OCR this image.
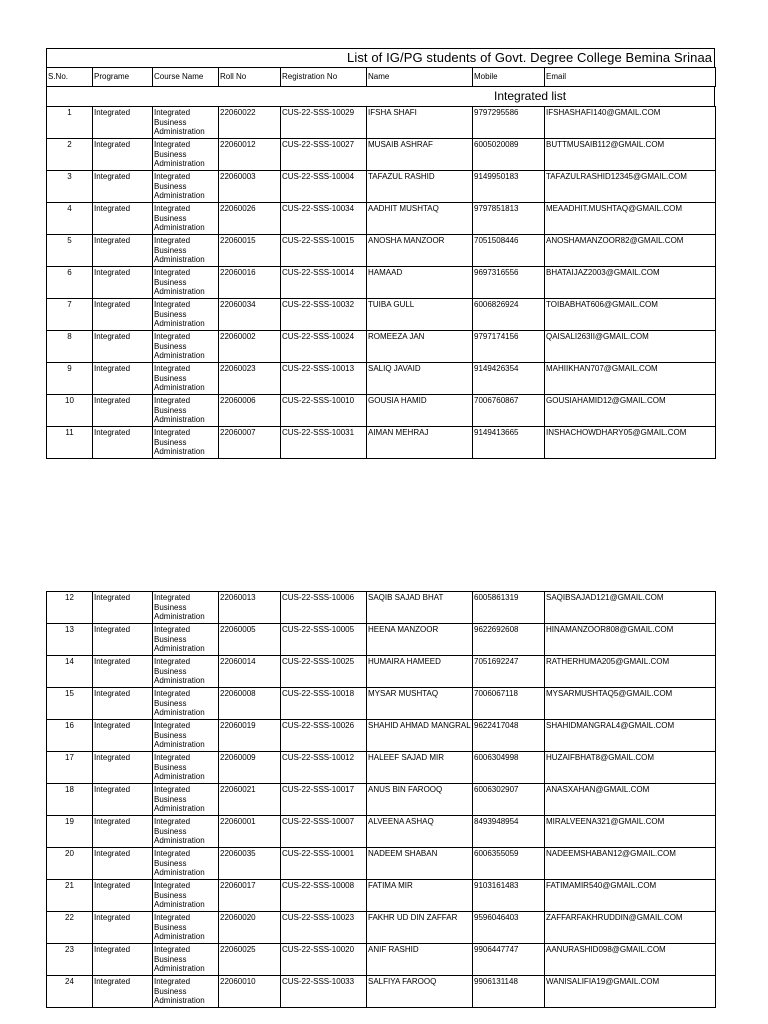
List of IG/PG students of Govt. Degree College Bemina Srinaa
S.No.	Programe	Course Name	Roll No	Registration No	Name	Mobile	Email
Integrated list
1	Integrated	Integrated Business Administration	22060022	CUS-22-SSS-10029	IFSHA SHAFI	9797295586	IFSHASHAFI140@GMAIL.COM
2	Integrated	Integrated Business Administration	22060012	CUS-22-SSS-10027	MUSAIB ASHRAF	6005020089	BUTTMUSAIB112@GMAIL.COM
3	Integrated	Integrated Business Administration	22060003	CUS-22-SSS-10004	TAFAZUL RASHID	9149950183	TAFAZULRASHID12345@GMAIL.COM
4	Integrated	Integrated Business Administration	22060026	CUS-22-SSS-10034	AADHIT MUSHTAQ	9797851813	MEAADHIT.MUSHTAQ@GMAIL.COM
5	Integrated	Integrated Business Administration	22060015	CUS-22-SSS-10015	ANOSHA MANZOOR	7051508446	ANOSHAMANZOOR82@GMAIL.COM
6	Integrated	Integrated Business Administration	22060016	CUS-22-SSS-10014	HAMAAD	9697316556	BHATAIJAZ2003@GMAIL.COM
7	Integrated	Integrated Business Administration	22060034	CUS-22-SSS-10032	TUIBA GULL	6006826924	TOIBABHAT606@GMAIL.COM
8	Integrated	Integrated Business Administration	22060002	CUS-22-SSS-10024	ROMEEZA JAN	9797174156	QAISALI263II@GMAIL.COM
9	Integrated	Integrated Business Administration	22060023	CUS-22-SSS-10013	SALIQ JAVAID	9149426354	MAHIIKHAN707@GMAIL.COM
10	Integrated	Integrated Business Administration	22060006	CUS-22-SSS-10010	GOUSIA HAMID	7006760867	GOUSIAHAMID12@GMAIL.COM
11	Integrated	Integrated Business Administration	22060007	CUS-22-SSS-10031	AIMAN MEHRAJ	9149413665	INSHACHOWDHARY05@GMAIL.COM
12	Integrated	Integrated Business Administration	22060013	CUS-22-SSS-10006	SAQIB SAJAD BHAT	6005861319	SAQIBSAJAD121@GMAIL.COM
13	Integrated	Integrated Business Administration	22060005	CUS-22-SSS-10005	HEENA MANZOOR	9622692608	HINAMANZOOR808@GMAIL.COM
14	Integrated	Integrated Business Administration	22060014	CUS-22-SSS-10025	HUMAIRA HAMEED	7051692247	RATHERHUMA205@GMAIL.COM
15	Integrated	Integrated Business Administration	22060008	CUS-22-SSS-10018	MYSAR MUSHTAQ	7006067118	MYSARMUSHTAQ5@GMAIL.COM
16	Integrated	Integrated Business Administration	22060019	CUS-22-SSS-10026	SHAHID AHMAD MANGRAL	9622417048	SHAHIDMANGRAL4@GMAIL.COM
17	Integrated	Integrated Business Administration	22060009	CUS-22-SSS-10012	HALEEF SAJAD MIR	6006304998	HUZAIFBHAT8@GMAIL.COM
18	Integrated	Integrated Business Administration	22060021	CUS-22-SSS-10017	ANUS BIN FAROOQ	6006302907	ANASXAHAN@GMAIL.COM
19	Integrated	Integrated Business Administration	22060001	CUS-22-SSS-10007	ALVEENA ASHAQ	8493948954	MIRALVEENA321@GMAIL.COM
20	Integrated	Integrated Business Administration	22060035	CUS-22-SSS-10001	NADEEM SHABAN	6006355059	NADEEMSHABAN12@GMAIL.COM
21	Integrated	Integrated Business Administration	22060017	CUS-22-SSS-10008	FATIMA MIR	9103161483	FATIMAMIR540@GMAIL.COM
22	Integrated	Integrated Business Administration	22060020	CUS-22-SSS-10023	FAKHR UD DIN ZAFFAR	9596046403	ZAFFARFAKHRUDDIN@GMAIL.COM
23	Integrated	Integrated Business Administration	22060025	CUS-22-SSS-10020	ANIF RASHID	9906447747	AANURASHID098@GMAIL.COM
24	Integrated	Integrated Business Administration	22060010	CUS-22-SSS-10033	SALFIYA FAROOQ	9906131148	WANISALIFIA19@GMAIL.COM
